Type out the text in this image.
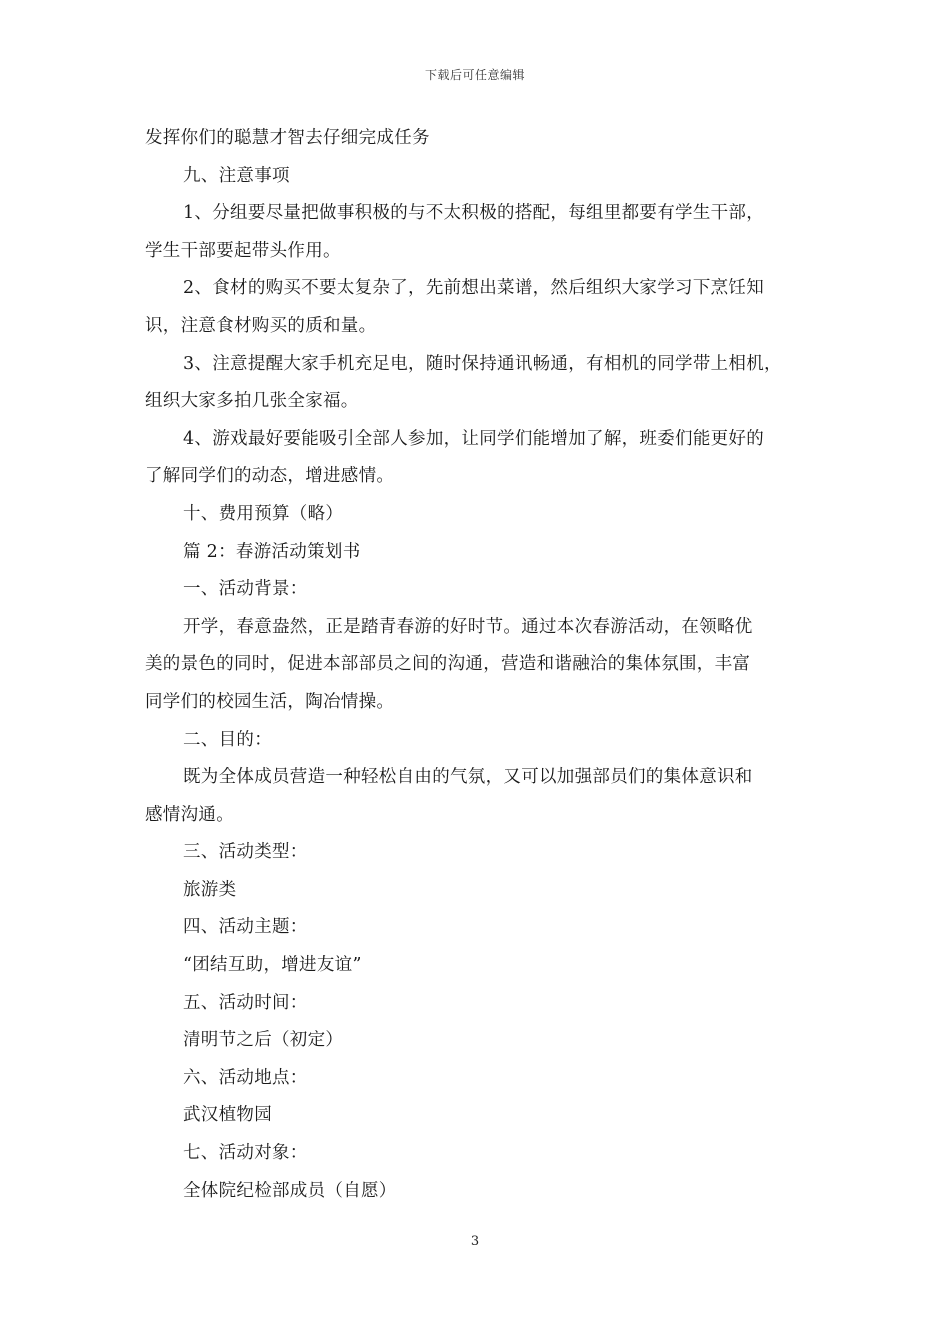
下载后可任意编辑
发挥你们的聪慧才智去仔细完成任务
九、注意事项
1、分组要尽量把做事积极的与不太积极的搭配，每组里都要有学生干部，
学生干部要起带头作用。
2、食材的购买不要太复杂了，先前想出菜谱，然后组织大家学习下烹饪知
识，注意食材购买的质和量。
3、注意提醒大家手机充足电，随时保持通讯畅通，有相机的同学带上相机，
组织大家多拍几张全家福。
4、游戏最好要能吸引全部人参加，让同学们能增加了解，班委们能更好的
了解同学们的动态，增进感情。
十、费用预算（略）
篇 2：春游活动策划书
一、活动背景：
开学，春意盎然，正是踏青春游的好时节。通过本次春游活动，在领略优
美的景色的同时，促进本部部员之间的沟通，营造和谐融洽的集体氛围，丰富
同学们的校园生活，陶冶情操。
二、目的：
既为全体成员营造一种轻松自由的气氛，又可以加强部员们的集体意识和
感情沟通。
三、活动类型：
旅游类
四、活动主题：
“团结互助，增进友谊”
五、活动时间：
清明节之后（初定）
六、活动地点：
武汉植物园
七、活动对象：
全体院纪检部成员（自愿）
3
